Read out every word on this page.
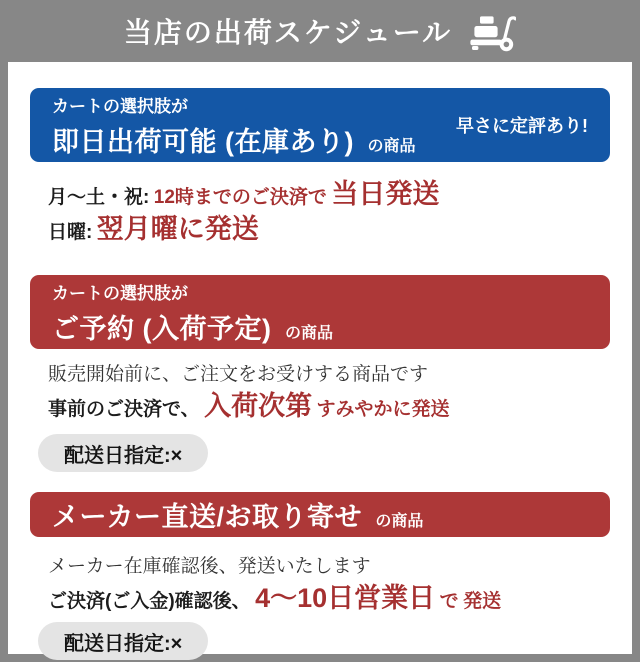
当店の出荷スケジュール
カートの選択肢が
即日出荷可能 (在庫あり) の商品
早さに定評あり!
月〜土・祝: 12時までのご決済で 当日発送
日曜: 翌月曜に発送
カートの選択肢が
ご予約 (入荷予定) の商品
販売開始前に、ご注文をお受けする商品です
事前のご決済で、 入荷次第 すみやかに発送
配送日指定:×
メーカー直送/お取り寄せ の商品
メーカー在庫確認後、発送いたします
ご決済(ご入金)確認後、 4〜10日営業日 で 発送
配送日指定:×
